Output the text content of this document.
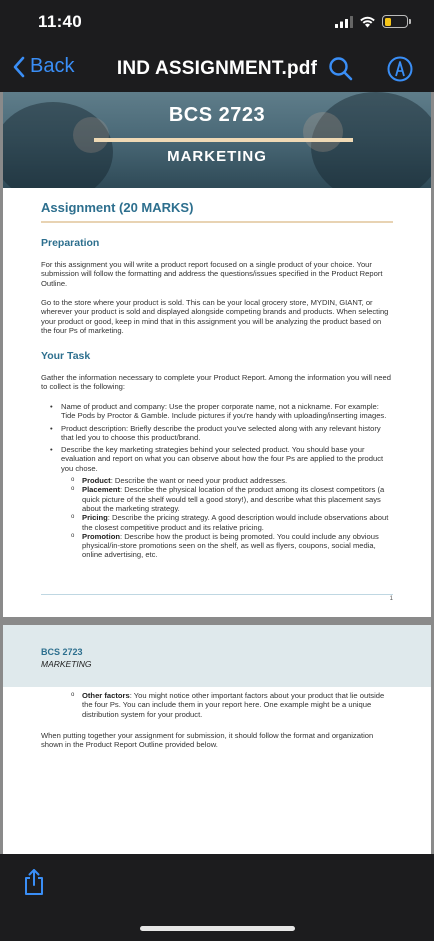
11:40
Back	IND ASSIGNMENT.pdf
BCS 2723
MARKETING
Assignment (20 MARKS)
Preparation
For this assignment you will write a product report focused on a single product of your choice. Your submission will follow the formatting and address the questions/issues specified in the Product Report Outline.
Go to the store where your product is sold. This can be your local grocery store, MYDIN, GIANT, or wherever your product is sold and displayed alongside competing brands and products. When selecting your product or good, keep in mind that in this assignment you will be analyzing the product based on the four Ps of marketing.
Your Task
Gather the information necessary to complete your Product Report. Among the information you will need to collect is the following:
• Name of product and company: Use the proper corporate name, not a nickname. For example: Tide Pods by Proctor & Gamble. Include pictures if you're handy with uploading/inserting images.
• Product description: Briefly describe the product you've selected along with any relevant history that led you to choose this product/brand.
• Describe the key marketing strategies behind your selected product. You should base your evaluation and report on what you can observe about how the four Ps are applied to the product you chose.
o Product: Describe the want or need your product addresses.
o Placement: Describe the physical location of the product among its closest competitors (a quick picture of the shelf would tell a good story!), and describe what this placement says about the marketing strategy.
o Pricing: Describe the pricing strategy. A good description would include observations about the closest competitive product and its relative pricing.
o Promotion: Describe how the product is being promoted. You could include any obvious physical/in-store promotions seen on the shelf, as well as flyers, coupons, social media, online advertising, etc.
1
BCS 2723
MARKETING
o Other factors: You might notice other important factors about your product that lie outside the four Ps. You can include them in your report here. One example might be a unique distribution system for your product.
When putting together your assignment for submission, it should follow the format and organization shown in the Product Report Outline provided below.
